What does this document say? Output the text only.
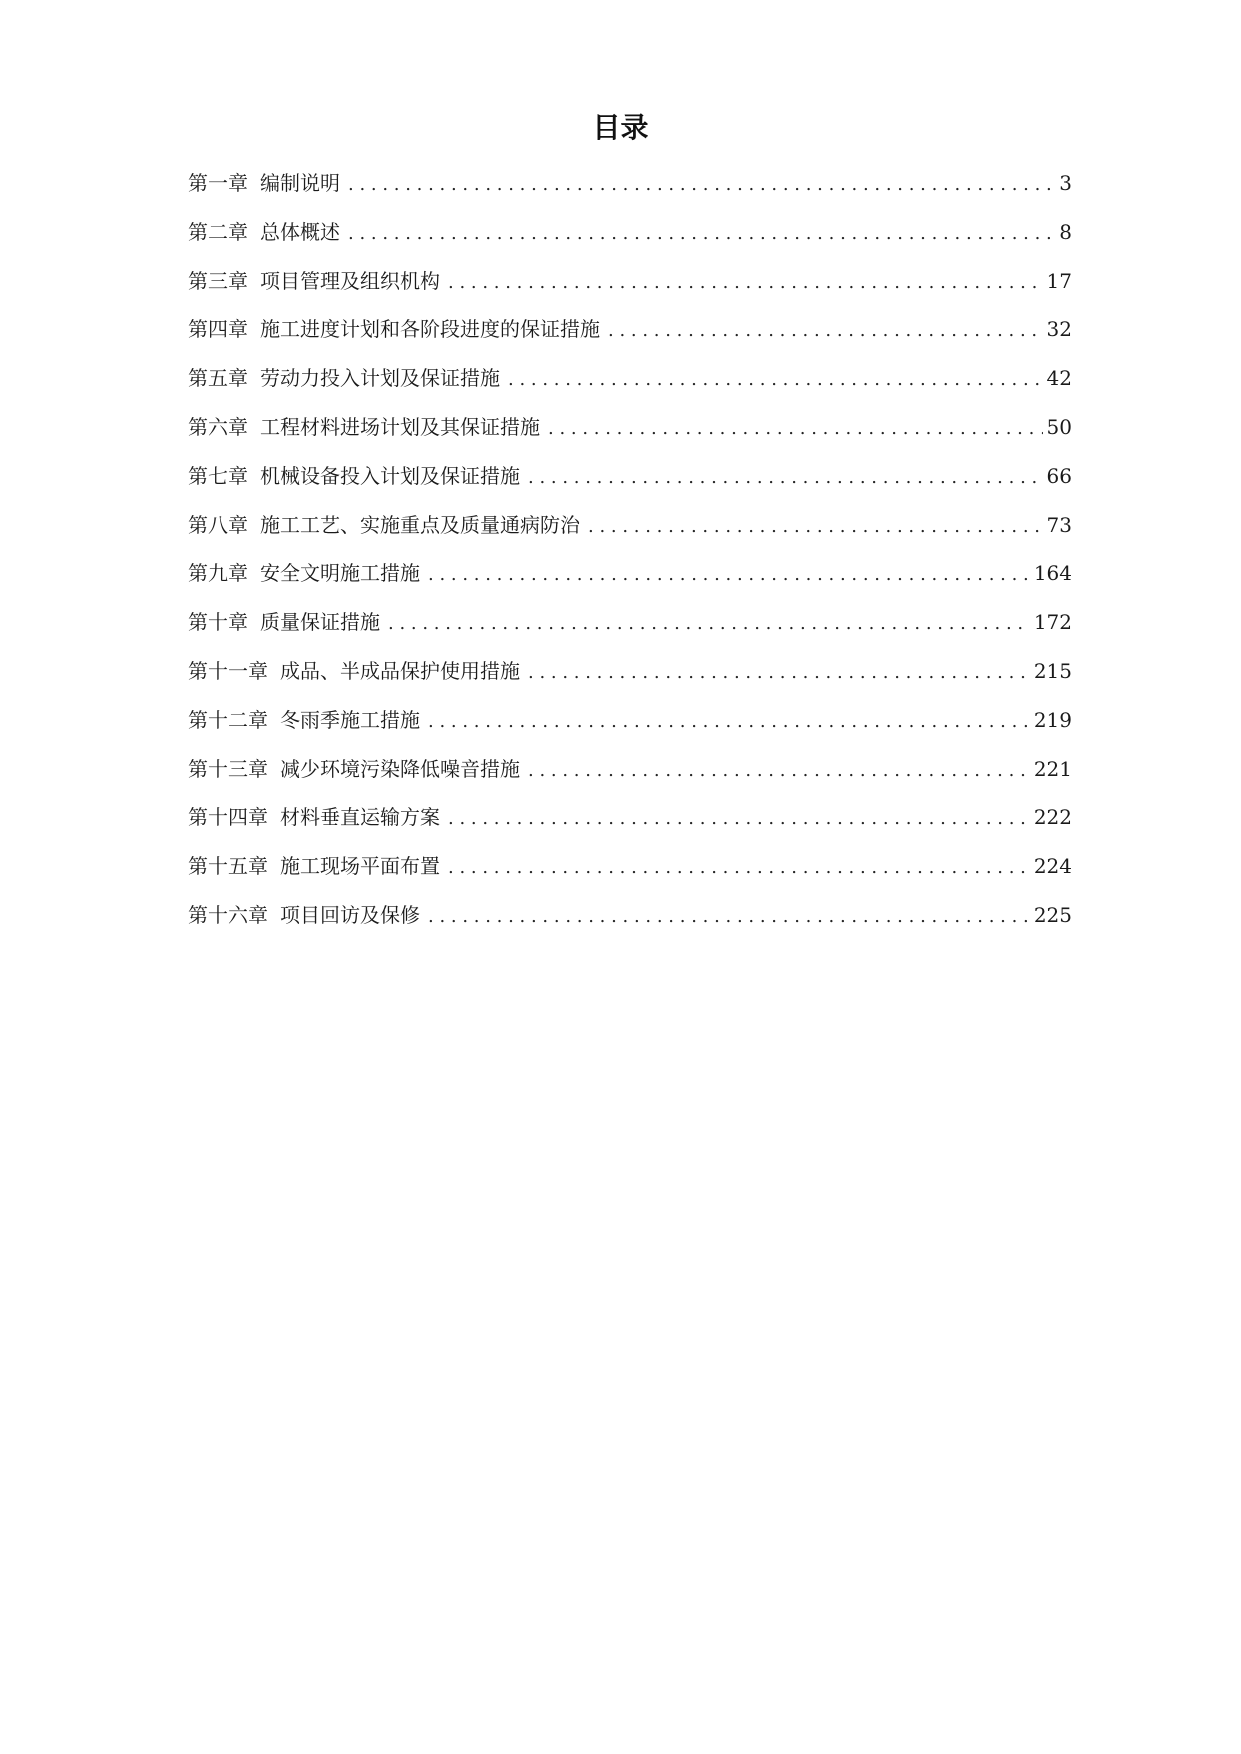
目录
第一章 编制说明 . . .	3
第二章 总体概述 . . .	8
第三章 项目管理及组织机构 . . .	17
第四章 施工进度计划和各阶段进度的保证措施 . . .	32
第五章 劳动力投入计划及保证措施 . . .	42
第六章 工程材料进场计划及其保证措施 . . .	50
第七章 机械设备投入计划及保证措施 . . .	66
第八章 施工工艺、实施重点及质量通病防治 . . .	73
第九章 安全文明施工措施 . . .	164
第十章 质量保证措施 . . .	172
第十一章 成品、半成品保护使用措施 . . .	215
第十二章 冬雨季施工措施 . . .	219
第十三章 减少环境污染降低噪音措施 . . .	221
第十四章 材料垂直运输方案 . . .	222
第十五章 施工现场平面布置 . . .	224
第十六章 项目回访及保修 . . .	225
